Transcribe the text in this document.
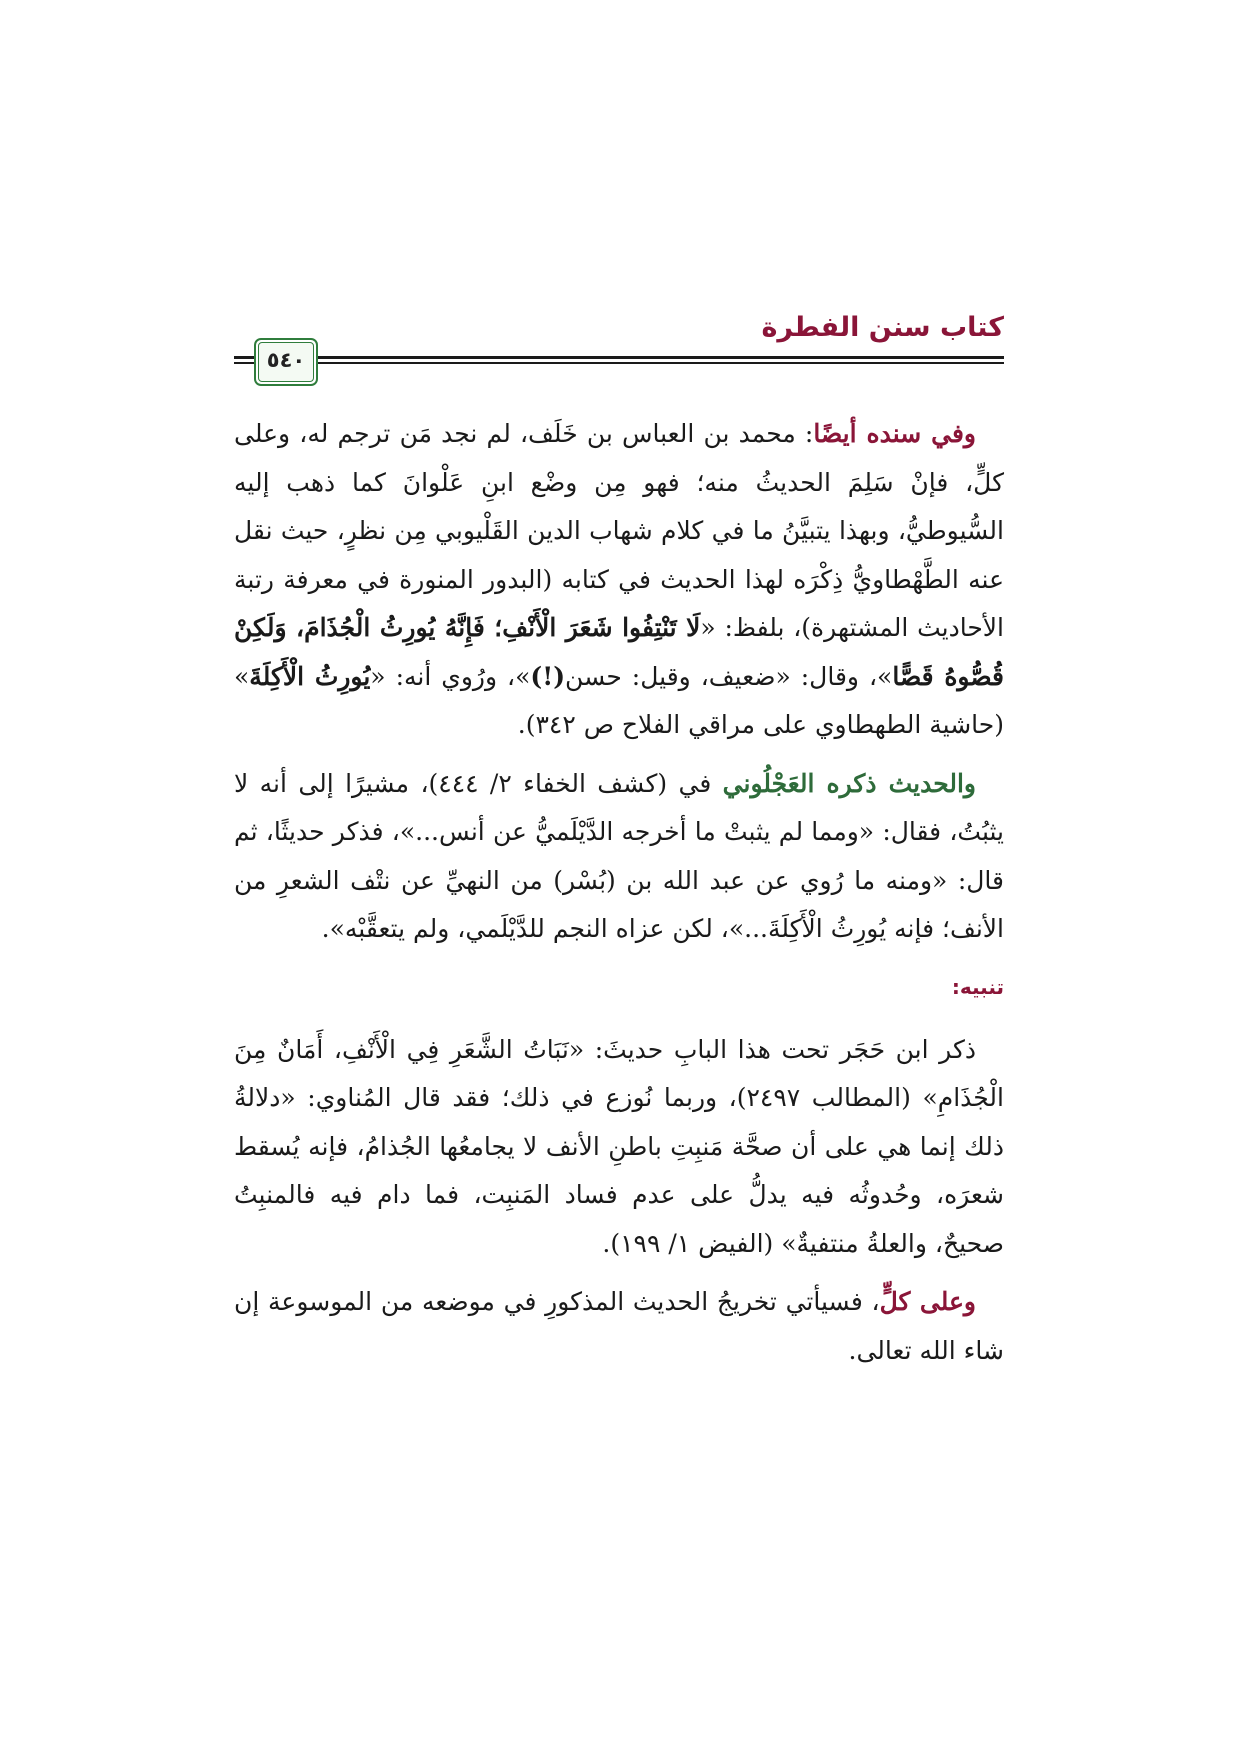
كتاب سنن الفطرة
٥٤٠

وفي سنده أيضًا: محمد بن العباس بن خَلَف، لم نجد مَن ترجم له، وعلى كلٍّ، فإنْ سَلِمَ الحديثُ منه؛ فهو مِن وضْع ابنِ عَلْوانَ كما ذهب إليه السُّيوطيُّ، وبهذا يتبيَّنُ ما في كلام شهاب الدين القَلْيوبي مِن نظرٍ، حيث نقل عنه الطَّهْطاويُّ ذِكْرَه لهذا الحديث في كتابه (البدور المنورة في معرفة رتبة الأحاديث المشتهرة)، بلفظ: «لَا تَنْتِفُوا شَعَرَ الْأَنْفِ؛ فَإِنَّهُ يُورِثُ الْجُذَامَ، وَلَكِنْ قُصُّوهُ قَصًّا»، وقال: «ضعيف، وقيل: حسن(!)»، ورُوي أنه: «يُورِثُ الْأَكِلَةَ» (حاشية الطهطاوي على مراقي الفلاح ص ٣٤٢).

والحديث ذكره العَجْلُوني في (كشف الخفاء ٢/ ٤٤٤)، مشيرًا إلى أنه لا يثبُتُ، فقال: «ومما لم يثبتْ ما أخرجه الدَّيْلَميُّ عن أنس...»، فذكر حديثًا، ثم قال: «ومنه ما رُوي عن عبد الله بن (بُسْر) من النهيِّ عن نتْف الشعرِ من الأنف؛ فإنه يُورِثُ الْأَكِلَةَ...»، لكن عزاه النجم للدَّيْلَمي، ولم يتعقَّبْه».

تنبيه:

ذكر ابن حَجَر تحت هذا البابِ حديثَ: «نَبَاتُ الشَّعَرِ فِي الْأَنْفِ، أَمَانٌ مِنَ الْجُذَامِ» (المطالب ٢٤٩٧)، وربما نُوزع في ذلك؛ فقد قال المُناوي: «دلالةُ ذلك إنما هي على أن صحَّة مَنبِتِ باطنِ الأنف لا يجامعُها الجُذامُ، فإنه يُسقط شعرَه، وحُدوثُه فيه يدلُّ على عدم فساد المَنبِت، فما دام فيه فالمنبِتُ صحيحٌ، والعلةُ منتفيةٌ» (الفيض ١/ ١٩٩).

وعلى كلٍّ، فسيأتي تخريجُ الحديث المذكورِ في موضعه من الموسوعة إن شاء الله تعالى.
